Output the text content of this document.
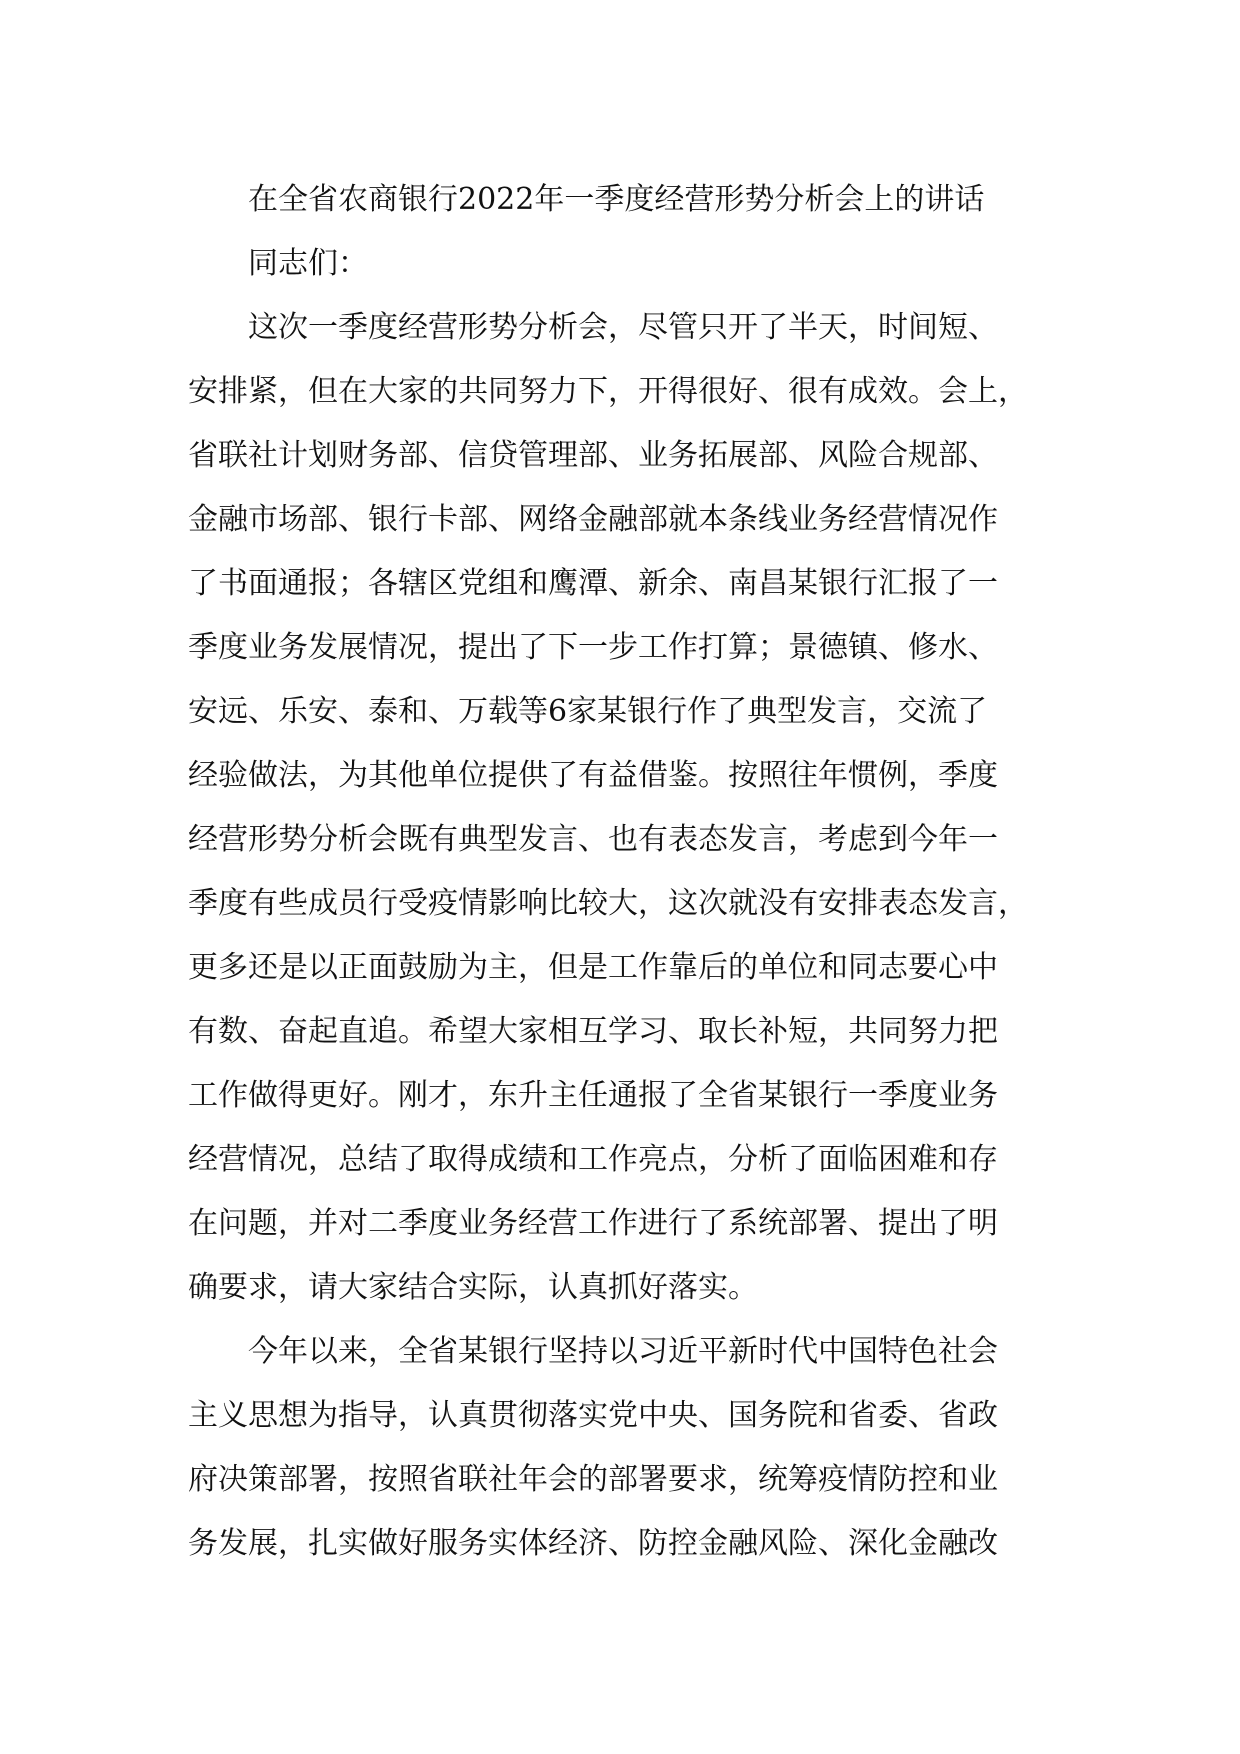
在全省农商银行2022年一季度经营形势分析会上的讲话
同志们：
这次一季度经营形势分析会，尽管只开了半天，时间短、
安排紧，但在大家的共同努力下，开得很好、很有成效。会上，
省联社计划财务部、信贷管理部、业务拓展部、风险合规部、
金融市场部、银行卡部、网络金融部就本条线业务经营情况作
了书面通报；各辖区党组和鹰潭、新余、南昌某银行汇报了一
季度业务发展情况，提出了下一步工作打算；景德镇、修水、
安远、乐安、泰和、万载等6家某银行作了典型发言，交流了
经验做法，为其他单位提供了有益借鉴。按照往年惯例，季度
经营形势分析会既有典型发言、也有表态发言，考虑到今年一
季度有些成员行受疫情影响比较大，这次就没有安排表态发言，
更多还是以正面鼓励为主，但是工作靠后的单位和同志要心中
有数、奋起直追。希望大家相互学习、取长补短，共同努力把
工作做得更好。刚才，东升主任通报了全省某银行一季度业务
经营情况，总结了取得成绩和工作亮点，分析了面临困难和存
在问题，并对二季度业务经营工作进行了系统部署、提出了明
确要求，请大家结合实际，认真抓好落实。
今年以来，全省某银行坚持以习近平新时代中国特色社会
主义思想为指导，认真贯彻落实党中央、国务院和省委、省政
府决策部署，按照省联社年会的部署要求，统筹疫情防控和业
务发展，扎实做好服务实体经济、防控金融风险、深化金融改
